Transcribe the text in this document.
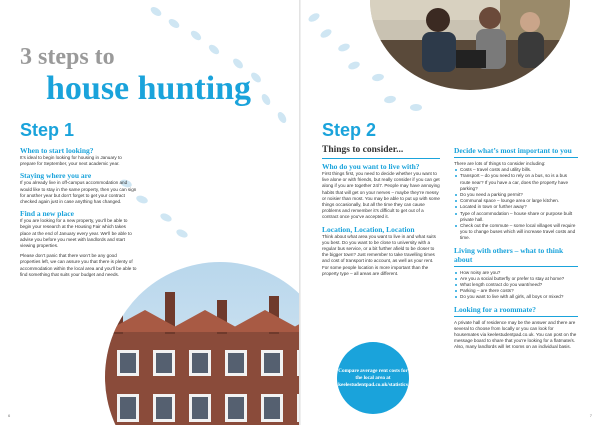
3 steps to
house hunting
Step 1
When to start looking?
It’s ideal to begin looking for housing in January to prepare for September, your next academic year.
Staying where you are
If you already live in off-campus accommodation and would like to stay in the same property, then you can sign for another year but don’t forget to get your contract checked again just in case anything has changed.
Find a new place
If you are looking for a new property, you’ll be able to begin your research at the Housing Fair which takes place at the end of January every year. We’ll be able to advise you before you meet with landlords and start viewing properties.
Please don’t panic that there won’t be any good properties left, we can assure you that there is plenty of accommodation within the local area and you’ll be able to find something that suits your budget and needs.
6
Step 2
Things to consider...
Who do you want to live with?
First things first, you need to decide whether you want to live alone or with friends, but really consider if you can get along if you are together 24/7. People may have annoying habits that will get on your nerves – maybe they’re messy or noisier than most. You may be able to put up with some things occasionally, but all the time they can cause problems and remember it’s difficult to get out of a contract once you’ve accepted it.
Location, Location, Location
Think about what area you want to live in and what suits you best. Do you want to be close to university with a regular bus service, or a bit further afield to be closer to the bigger town? Just remember to take travelling times and cost of transport into account, as well as your rent. For some people location is more important than the property type – all areas are different.
Decide what’s most important to you
There are lots of things to consider including:
Costs – travel costs and utility bills.
Transport – do you need to rely on a bus, so is a bus route near? If you have a car, does the property have parking?
Do you need a parking permit?
Communal space – lounge area or large kitchen.
Located in town or further away?
Type of accommodation – house share or purpose built private hall.
Check out the commute – some local villages will require you to change buses which will increase travel costs and time.
Living with others – what to think about
How noisy are you?
Are you a social butterfly or prefer to stay at home?
What length contract do you want/need?
Parking – are there costs?
Do you want to live with all girls, all boys or mixed?
Looking for a roommate?
A private hall of residence may be the answer and there are several to choose from locally or you can look for housemates via keelestudentpad.co.uk. You can post on the message board to share that you’re looking for a flatmate/s. Also, many landlords will let rooms on an individual basis.
7
Compare average rent costs for the local area at keelestudentpad.co.uk/statistics
